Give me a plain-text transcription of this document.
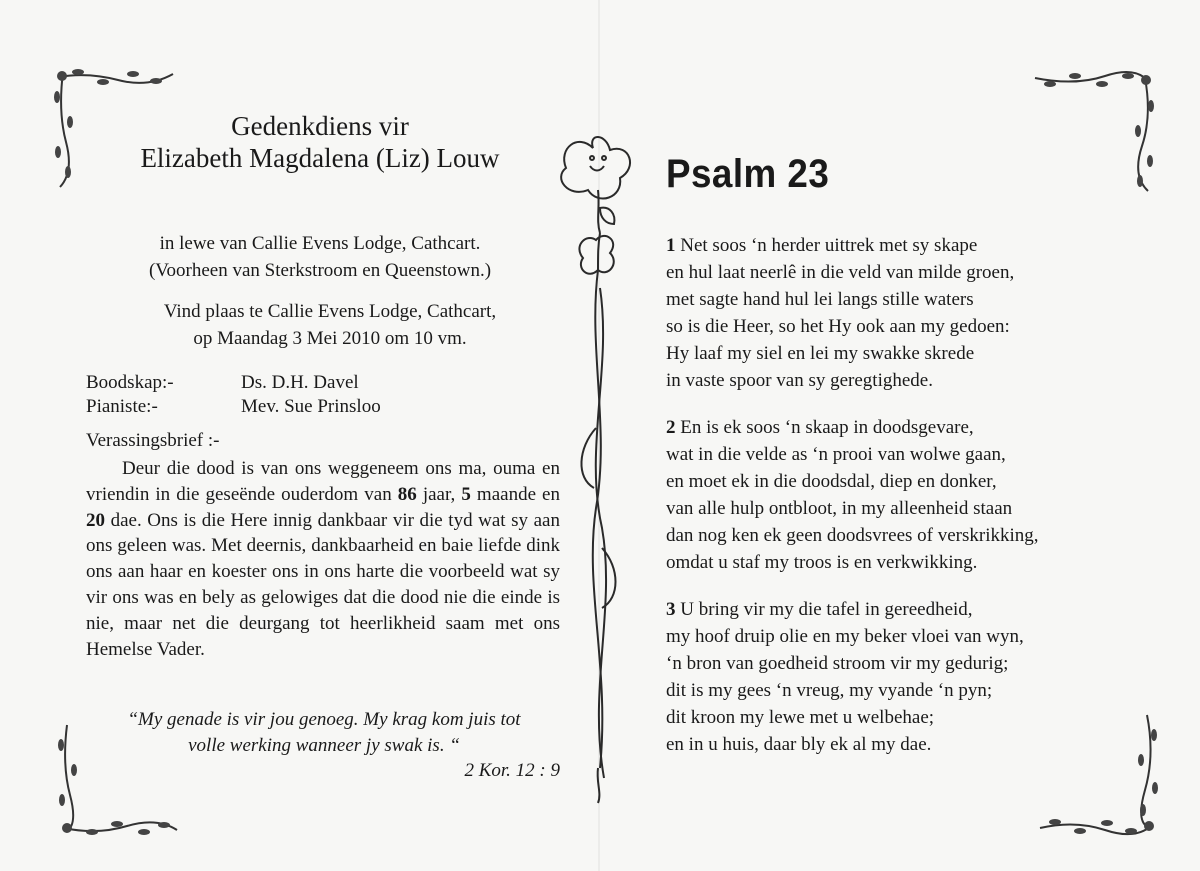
Gedenkdiens vir
Elizabeth Magdalena (Liz) Louw
in lewe van Callie Evens Lodge, Cathcart.
(Voorheen van Sterkstroom en Queenstown.)
Vind plaas te Callie Evens Lodge, Cathcart,
op Maandag 3 Mei 2010 om 10 vm.
Boodskap:-	Ds. D.H. Davel
Pianiste:-	Mev. Sue Prinsloo
Verassingsbrief :-
Deur die dood is van ons weggeneem ons ma, ouma en vriendin in die geseënde ouderdom van 86 jaar, 5 maande en 20 dae. Ons is die Here innig dankbaar vir die tyd wat sy aan ons geleen was. Met deernis, dankbaarheid en baie liefde dink ons aan haar en koester ons in ons harte die voorbeeld wat sy vir ons was en bely as gelowiges dat die dood nie die einde is nie, maar net die deurgang tot heerlikheid saam met ons Hemelse Vader.
“My genade is vir jou genoeg. My krag kom juis tot
volle werking wanneer jy swak is. “
2 Kor. 12 : 9
Psalm 23
1 Net soos ‘n herder uittrek met sy skape
en hul laat neerlê in die veld van milde groen,
met sagte hand hul lei langs stille waters
so is die Heer, so het Hy ook aan my gedoen:
Hy laaf my siel en lei my swakke skrede
in vaste spoor van sy geregtighede.
2 En is ek soos ‘n skaap in doodsgevare,
wat in die velde as ‘n prooi van wolwe gaan,
en moet ek in die doodsdal, diep en donker,
van alle hulp ontbloot, in my alleenheid staan
dan nog ken ek geen doodsvrees of verskrikking,
omdat u staf my troos is en verkwikking.
3 U bring vir my die tafel in gereedheid,
my hoof druip olie en my beker vloei van wyn,
‘n bron van goedheid stroom vir my gedurig;
dit is my gees ‘n vreug, my vyande ‘n pyn;
dit kroon my lewe met u welbehae;
en in u huis, daar bly ek al my dae.
